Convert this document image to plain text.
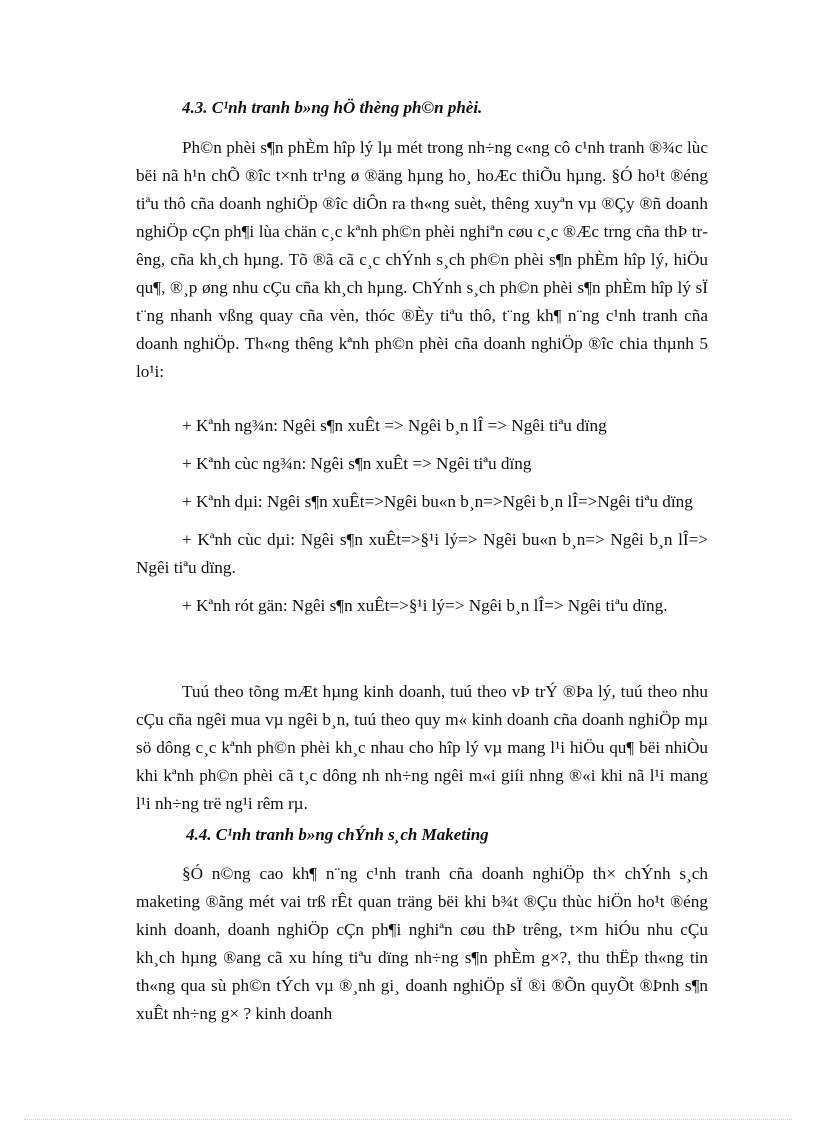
4.3. C¹nh tranh b»ng hÖ thèng ph©n phèi.

Ph©n phèi s¶n phÈm hîp lý lµ mét trong nh÷ng c«ng cô c¹nh tranh ®¾c lùc bëi nã h¹n chÕ ®îc t×nh tr¹ng ø ®äng hµng ho¸ hoÆc thiÕu hµng. §Ó ho¹t ®éng tiªu thô cña doanh nghiÖp ®îc diÔn ra th«ng suèt, thêng xuyªn vµ ®Çy ®ñ doanh nghiÖp cÇn ph¶i lùa chän c¸c kªnh ph©n phèi nghiªn cøu c¸c ®Æc trng cña thÞ trêng, cña kh¸ch hµng. Tõ ®ã cã c¸c chÝnh s¸ch ph©n phèi s¶n phÈm hîp lý, hiÖu qu¶, ®¸p øng nhu cÇu cña kh¸ch hµng. ChÝnh s¸ch ph©n phèi s¶n phÈm hîp lý sÏ t¨ng nhanh vßng quay cña vèn, thóc ®Èy tiªu thô, t¨ng kh¶ n¨ng c¹nh tranh cña doanh nghiÖp. Th«ng thêng kªnh ph©n phèi cña doanh nghiÖp ®îc chia thµnh 5 lo¹i:

+ Kªnh ng¾n: Ngêi s¶n xuÊt => Ngêi b¸n lÎ => Ngêi tiªu dïng

+ Kªnh cùc ng¾n: Ngêi s¶n xuÊt => Ngêi tiªu dïng

+ Kªnh dµi: Ngêi s¶n xuÊt=>Ngêi bu«n b¸n=>Ngêi b¸n lÎ=>Ngêi tiªu dïng

+ Kªnh cùc dµi: Ngêi s¶n xuÊt=>§¹i lý=> Ngêi bu«n b¸n=> Ngêi b¸n lÎ=> Ngêi tiªu dïng.

+ Kªnh rót gän: Ngêi s¶n xuÊt=>§¹i lý=> Ngêi b¸n lÎ=> Ngêi tiªu dïng.

Tuú theo tõng mÆt hµng kinh doanh, tuú theo vÞ trÝ ®Þa lý, tuú theo nhu cÇu cña ngêi mua vµ ngêi b¸n, tuú theo quy m« kinh doanh cña doanh nghiÖp mµ sö dông c¸c kªnh ph©n phèi kh¸c nhau cho hîp lý vµ mang l¹i hiÖu qu¶ bëi nhiÒu khi kªnh ph©n phèi cã t¸c dông nh nh÷ng ngêi m«i giíi nhng ®«i khi nã l¹i mang l¹i nh÷ng trë ng¹i rêm rµ.

4.4. C¹nh tranh b»ng chÝnh s¸ch Maketing

§Ó n©ng cao kh¶ n¨ng c¹nh tranh cña doanh nghiÖp th× chÝnh s¸ch maketing ®ãng mét vai trß rÊt quan träng bëi khi b¾t ®Çu thùc hiÖn ho¹t ®éng kinh doanh, doanh nghiÖp cÇn ph¶i nghiªn cøu thÞ trêng, t×m hiÓu nhu cÇu kh¸ch hµng ®ang cã xu híng tiªu dïng nh÷ng s¶n phÈm g×?, thu thËp th«ng tin th«ng qua sù ph©n tÝch vµ ®¸nh gi¸ doanh nghiÖp sÏ ®i ®Õn quyÕt ®Þnh s¶n xuÊt nh÷ng g× ? kinh doanh
